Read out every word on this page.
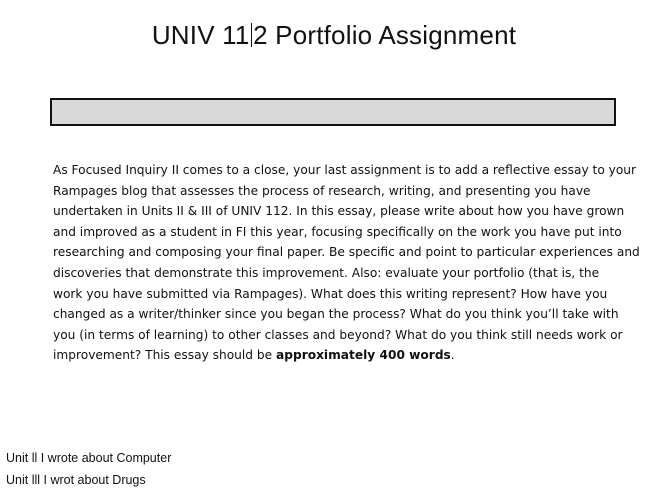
UNIV 11 2 Portfolio Assignment
As Focused Inquiry II comes to a close, your last assignment is to add a reflective essay to your
Rampages blog that assesses the process of research, writing, and presenting you have
undertaken in Units II & III of UNIV 112. In this essay, please write about how you have grown
and improved as a student in FI this year, focusing specifically on the work you have put into
researching and composing your final paper. Be specific and point to particular experiences and
discoveries that demonstrate this improvement. Also: evaluate your portfolio (that is, the
work you have submitted via Rampages). What does this writing represent? How have you
changed as a writer/thinker since you began the process? What do you think you’ll take with
you (in terms of learning) to other classes and beyond? What do you think still needs work or
improvement? This essay should be approximately 400 words.
Unit ll I wrote about Computer
Unit lll I wrot about Drugs
